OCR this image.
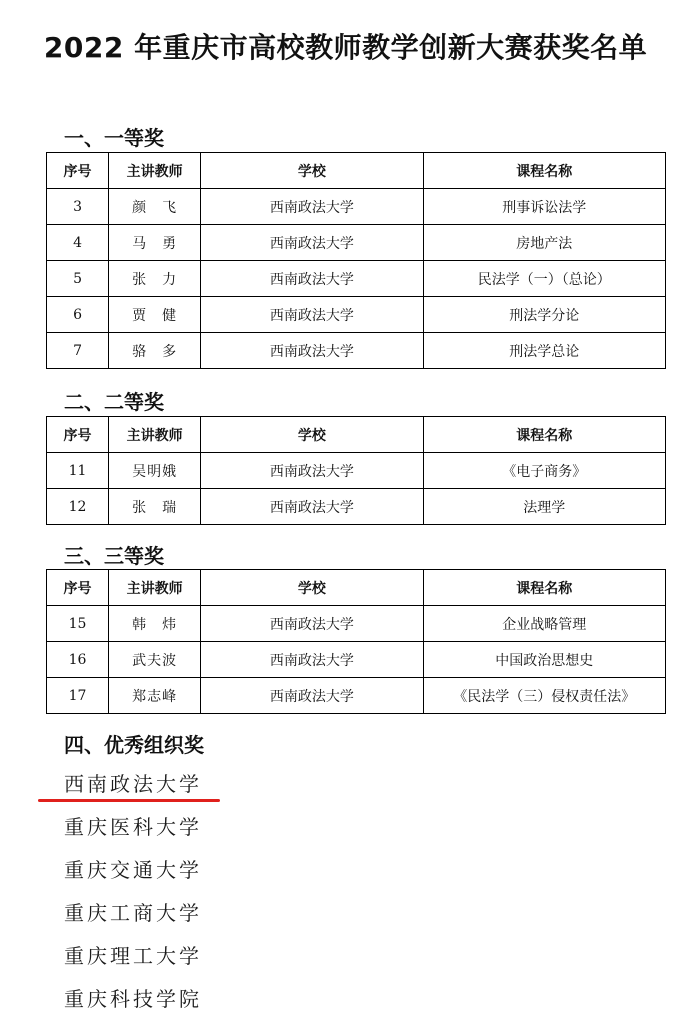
2022 年重庆市高校教师教学创新大赛获奖名单
一、一等奖
序号	主讲教师	学校	课程名称
3	颜　飞	西南政法大学	刑事诉讼法学
4	马　勇	西南政法大学	房地产法
5	张　力	西南政法大学	民法学（一）（总论）
6	贾　健	西南政法大学	刑法学分论
7	骆　多	西南政法大学	刑法学总论
二、二等奖
序号	主讲教师	学校	课程名称
11	吴明娥	西南政法大学	《电子商务》
12	张　瑞	西南政法大学	法理学
三、三等奖
序号	主讲教师	学校	课程名称
15	韩　炜	西南政法大学	企业战略管理
16	武夫波	西南政法大学	中国政治思想史
17	郑志峰	西南政法大学	《民法学（三）侵权责任法》
四、优秀组织奖
西南政法大学
重庆医科大学
重庆交通大学
重庆工商大学
重庆理工大学
重庆科技学院
